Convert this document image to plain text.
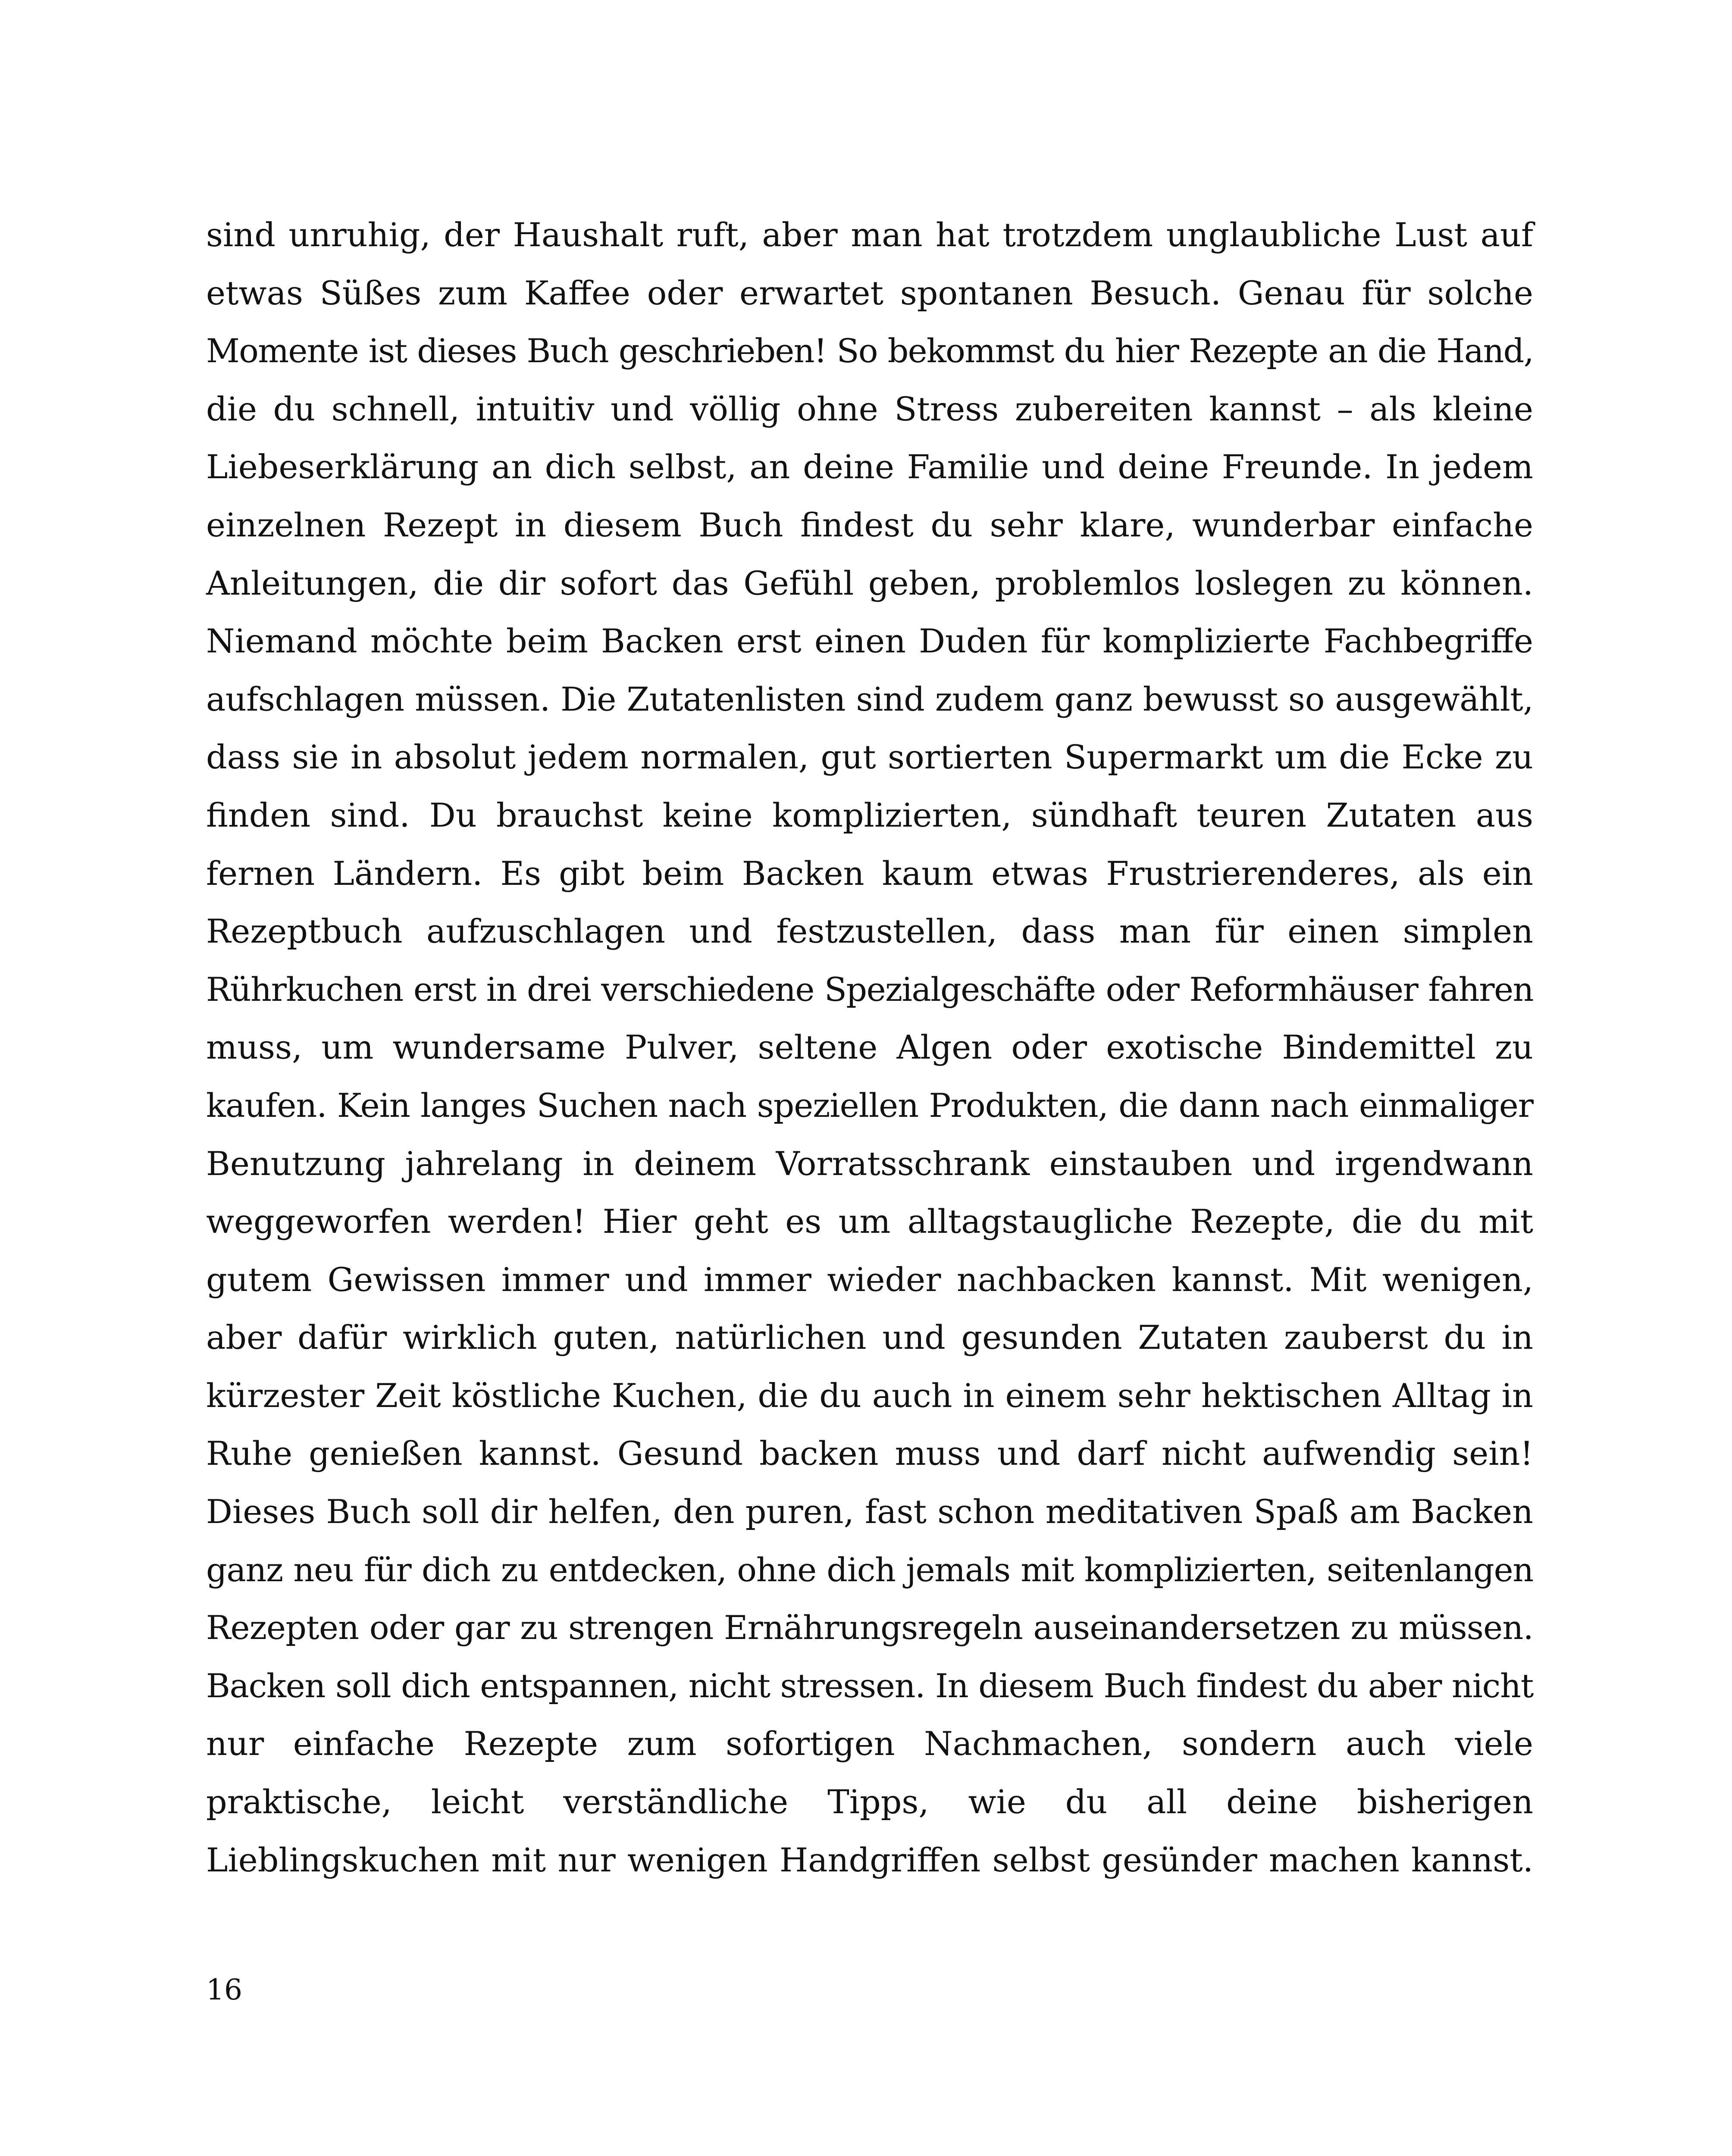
sind unruhig, der Haushalt ruft, aber man hat trotzdem unglaubliche Lust auf
etwas Süßes zum Kaffee oder erwartet spontanen Besuch. Genau für solche
Momente ist dieses Buch geschrieben! So bekommst du hier Rezepte an die Hand,
die du schnell, intuitiv und völlig ohne Stress zubereiten kannst – als kleine
Liebeserklärung an dich selbst, an deine Familie und deine Freunde. In jedem
einzelnen Rezept in diesem Buch findest du sehr klare, wunderbar einfache
Anleitungen, die dir sofort das Gefühl geben, problemlos loslegen zu können.
Niemand möchte beim Backen erst einen Duden für komplizierte Fachbegriffe
aufschlagen müssen. Die Zutatenlisten sind zudem ganz bewusst so ausgewählt,
dass sie in absolut jedem normalen, gut sortierten Supermarkt um die Ecke zu
finden sind. Du brauchst keine komplizierten, sündhaft teuren Zutaten aus
fernen Ländern. Es gibt beim Backen kaum etwas Frustrierenderes, als ein
Rezeptbuch aufzuschlagen und festzustellen, dass man für einen simplen
Rührkuchen erst in drei verschiedene Spezialgeschäfte oder Reformhäuser fahren
muss, um wundersame Pulver, seltene Algen oder exotische Bindemittel zu
kaufen. Kein langes Suchen nach speziellen Produkten, die dann nach einmaliger
Benutzung jahrelang in deinem Vorratsschrank einstauben und irgendwann
weggeworfen werden! Hier geht es um alltagstaugliche Rezepte, die du mit
gutem Gewissen immer und immer wieder nachbacken kannst. Mit wenigen,
aber dafür wirklich guten, natürlichen und gesunden Zutaten zauberst du in
kürzester Zeit köstliche Kuchen, die du auch in einem sehr hektischen Alltag in
Ruhe genießen kannst. Gesund backen muss und darf nicht aufwendig sein!
Dieses Buch soll dir helfen, den puren, fast schon meditativen Spaß am Backen
ganz neu für dich zu entdecken, ohne dich jemals mit komplizierten, seitenlangen
Rezepten oder gar zu strengen Ernährungsregeln auseinandersetzen zu müssen.
Backen soll dich entspannen, nicht stressen. In diesem Buch findest du aber nicht
nur einfache Rezepte zum sofortigen Nachmachen, sondern auch viele
praktische, leicht verständliche Tipps, wie du all deine bisherigen
Lieblingskuchen mit nur wenigen Handgriffen selbst gesünder machen kannst.
16
